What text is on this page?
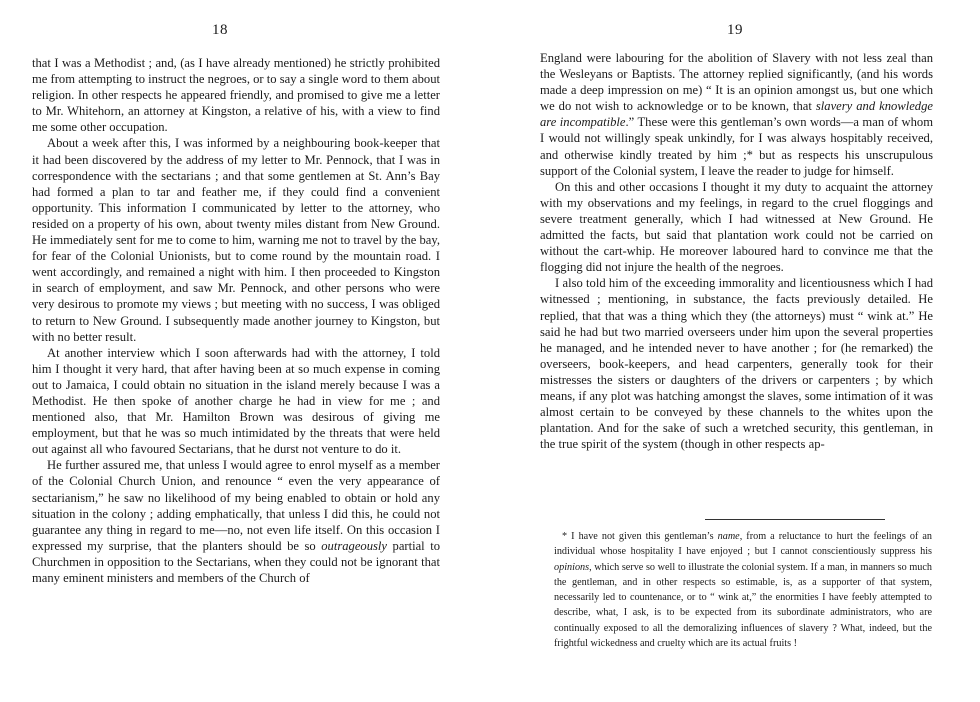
18

that I was a Methodist ; and, (as I have already mentioned) he strictly prohibited me from attempting to instruct the negroes, or to say a single word to them about religion. In other respects he appeared friendly, and promised to give me a letter to Mr. Whitehorn, an attorney at Kingston, a relative of his, with a view to find me some other occupation.

About a week after this, I was informed by a neighbouring book-keeper that it had been discovered by the address of my letter to Mr. Pennock, that I was in correspondence with the sectarians ; and that some gentlemen at St. Ann’s Bay had formed a plan to tar and feather me, if they could find a convenient opportunity. This information I communicated by letter to the attorney, who resided on a property of his own, about twenty miles distant from New Ground. He immediately sent for me to come to him, warning me not to travel by the bay, for fear of the Colonial Unionists, but to come round by the mountain road. I went accordingly, and remained a night with him. I then proceeded to Kingston in search of employment, and saw Mr. Pennock, and other persons who were very desirous to promote my views ; but meeting with no success, I was obliged to return to New Ground. I subsequently made another journey to Kingston, but with no better result.

At another interview which I soon afterwards had with the attorney, I told him I thought it very hard, that after having been at so much expense in coming out to Jamaica, I could obtain no situation in the island merely because I was a Methodist. He then spoke of another charge he had in view for me ; and mentioned also, that Mr. Hamilton Brown was desirous of giving me employment, but that he was so much intimidated by the threats that were held out against all who favoured Sectarians, that he durst not venture to do it.

He further assured me, that unless I would agree to enrol myself as a member of the Colonial Church Union, and renounce “ even the very appearance of sectarianism,” he saw no likelihood of my being enabled to obtain or hold any situation in the colony ; adding emphatically, that unless I did this, he could not guarantee any thing in regard to me—no, not even life itself. On this occasion I expressed my surprise, that the planters should be so outrageously partial to Churchmen in opposition to the Sectarians, when they could not be ignorant that many eminent ministers and members of the Church of

19

England were labouring for the abolition of Slavery with not less zeal than the Wesleyans or Baptists. The attorney replied significantly, (and his words made a deep impression on me) “ It is an opinion amongst us, but one which we do not wish to acknowledge or to be known, that slavery and knowledge are incompatible.” These were this gentleman’s own words—a man of whom I would not willingly speak unkindly, for I was always hospitably received, and otherwise kindly treated by him ;* but as respects his unscrupulous support of the Colonial system, I leave the reader to judge for himself.

On this and other occasions I thought it my duty to acquaint the attorney with my observations and my feelings, in regard to the cruel floggings and severe treatment generally, which I had witnessed at New Ground. He admitted the facts, but said that plantation work could not be carried on without the cart-whip. He moreover laboured hard to convince me that the flogging did not injure the health of the negroes.

I also told him of the exceeding immorality and licentiousness which I had witnessed ; mentioning, in substance, the facts previously detailed. He replied, that that was a thing which they (the attorneys) must “ wink at.” He said he had but two married overseers under him upon the several properties he managed, and he intended never to have another ; for (he remarked) the overseers, book-keepers, and head carpenters, generally took for their mistresses the sisters or daughters of the drivers or carpenters ; by which means, if any plot was hatching amongst the slaves, some intimation of it was almost certain to be conveyed by these channels to the whites upon the plantation. And for the sake of such a wretched security, this gentleman, in the true spirit of the system (though in other respects ap-

* I have not given this gentleman’s name, from a reluctance to hurt the feelings of an individual whose hospitality I have enjoyed ; but I cannot conscientiously suppress his opinions, which serve so well to illustrate the colonial system. If a man, in manners so much the gentleman, and in other respects so estimable, is, as a supporter of that system, necessarily led to countenance, or to “ wink at,” the enormities I have feebly attempted to describe, what, I ask, is to be expected from its subordinate administrators, who are continually exposed to all the demoralizing influences of slavery ? What, indeed, but the frightful wickedness and cruelty which are its actual fruits !
